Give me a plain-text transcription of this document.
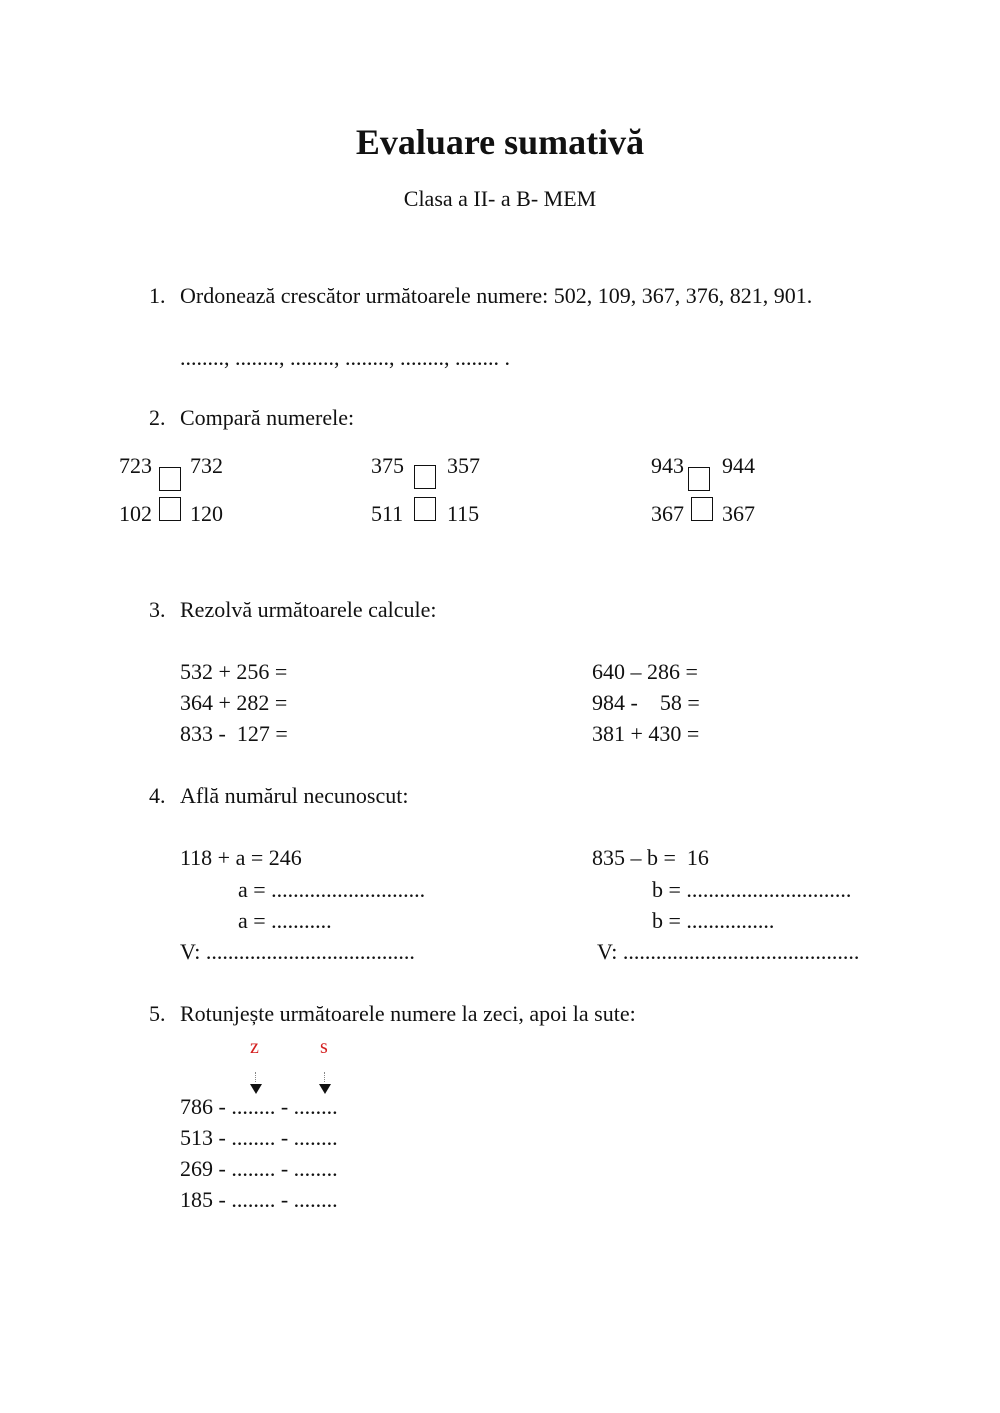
Evaluare sumativă
Clasa a II- a B- MEM
1. Ordonează crescător următoarele numere: 502, 109, 367, 376, 821, 901.
........, ........, ........, ........, ........, ........ .
2. Compară numerele:
723 732	375 357	943 944
102 120	511 115	367 367
3. Rezolvă următoarele calcule:
532 + 256 =
364 + 282 =
833 -  127 =
640 – 286 =
984 -    58 =
381 + 430 =
4. Află numărul necunoscut:
118 + a = 246
a = ............................
a = ...........
V: ......................................
835 – b =  16
b = ..............................
b = ................
V: ...........................................
5. Rotunjește următoarele numere la zeci, apoi la sute:
z	s
786 - ........ - ........
513 - ........ - ........
269 - ........ - ........
185 - ........ - ........
